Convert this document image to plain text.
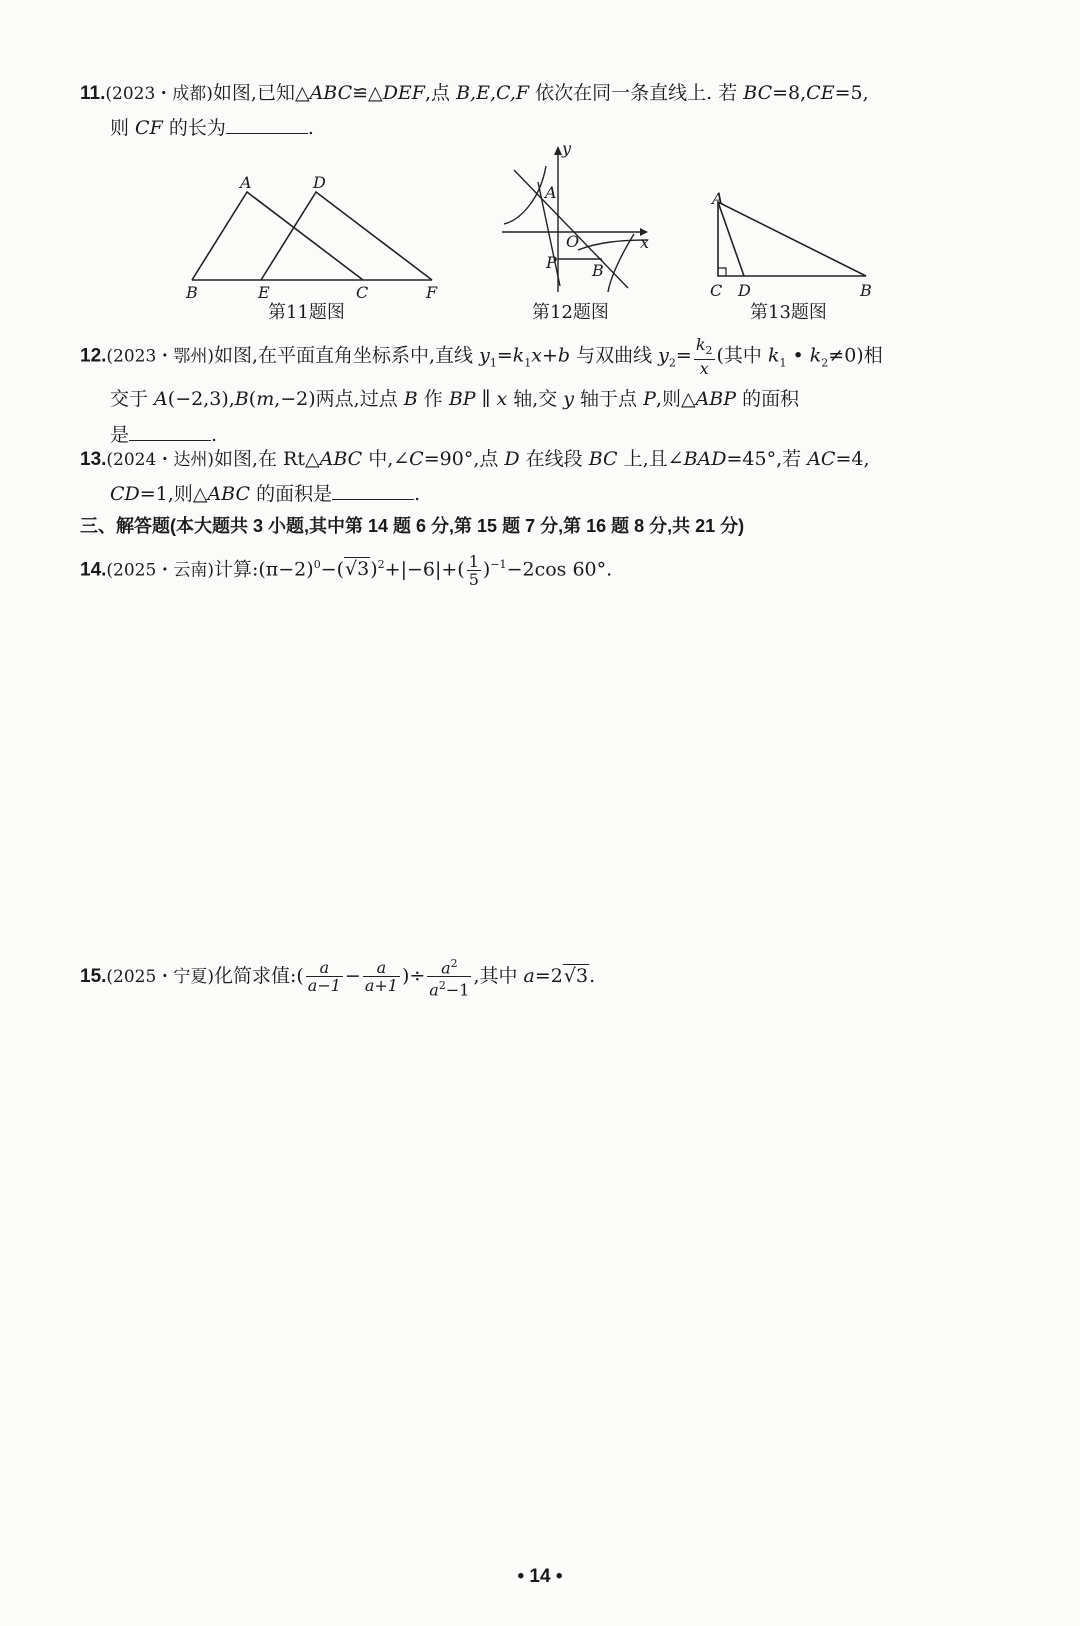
11.(2023・成都)如图,已知△ABC≌△DEF,点 B,E,C,F 依次在同一条直线上. 若 BC=8,CE=5,
则 CF 的长为	.
A	D
B	E	C	F
第11题图
y
x
A
O
P B
第12题图
A
C D	B
第13题图
12.(2023・鄂州)如图,在平面直角坐标系中,直线 $y_1=k_1x+b$ 与双曲线 $y_2= \frac{k_2}{x}$ (其中 $k_1$ • $k_2\ne 0$)相
交于 A(−2,3),B(m,−2)两点,过点 B 作 BP ∥ x 轴,交 y 轴于点 P,则△ABP 的面积
是	.
13.(2024・达州)如图,在 Rt△ABC 中,∠C=90°,点 D 在线段 BC 上,且∠BAD=45°,若 AC=4,
CD=1,则△ABC 的面积是	.
三、解答题(本大题共 3 小题,其中第 14 题 6 分,第 15 题 7 分,第 16 题 8 分,共 21 分)
14.(2025・云南)计算$:(\pi-2)^0-(√3)^2+|-6|+( \frac{1}{5} )^{-1}-2\cos$ 60°.
15.(2025・宁夏)化简求值:( $\frac{a}{a-1} - \frac{a}{a+1}$ )÷ $\frac{a^2}{a^2-1}$ ,其中 a=2√3.
• 14 •
